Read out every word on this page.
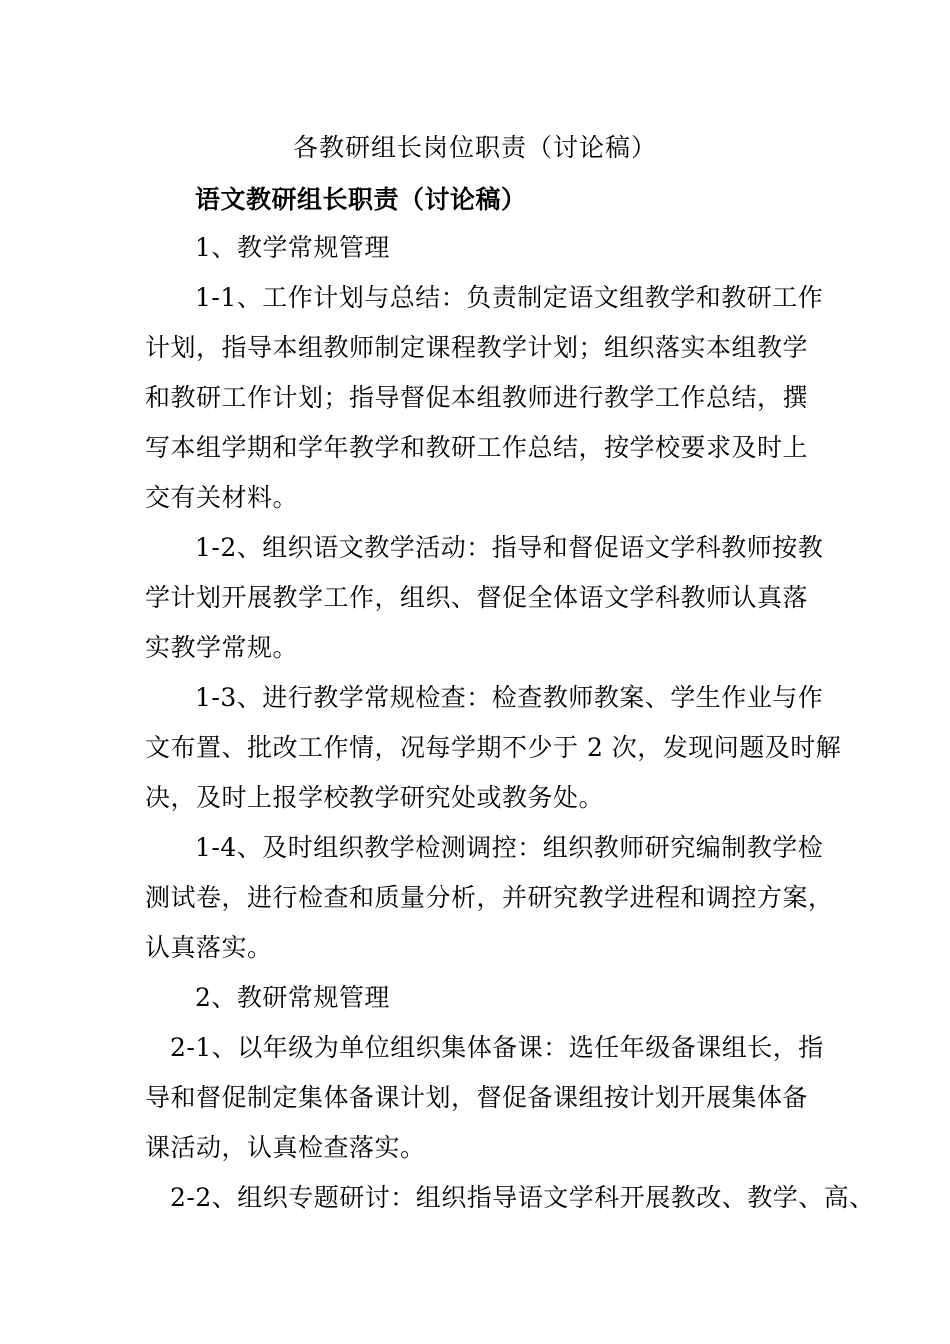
各教研组长岗位职责（讨论稿）
语文教研组长职责（讨论稿）
1、教学常规管理
1-1、工作计划与总结：负责制定语文组教学和教研工作
计划，指导本组教师制定课程教学计划；组织落实本组教学
和教研工作计划；指导督促本组教师进行教学工作总结，撰
写本组学期和学年教学和教研工作总结，按学校要求及时上
交有关材料。
1-2、组织语文教学活动：指导和督促语文学科教师按教
学计划开展教学工作，组织、督促全体语文学科教师认真落
实教学常规。
1-3、进行教学常规检查：检查教师教案、学生作业与作
文布置、批改工作情，况每学期不少于 2 次，发现问题及时解
决，及时上报学校教学研究处或教务处。
1-4、及时组织教学检测调控：组织教师研究编制教学检
测试卷，进行检查和质量分析，并研究教学进程和调控方案，
认真落实。
2、教研常规管理
2-1、以年级为单位组织集体备课：选任年级备课组长，指
导和督促制定集体备课计划，督促备课组按计划开展集体备
课活动，认真检查落实。
2-2、组织专题研讨：组织指导语文学科开展教改、教学、高、
